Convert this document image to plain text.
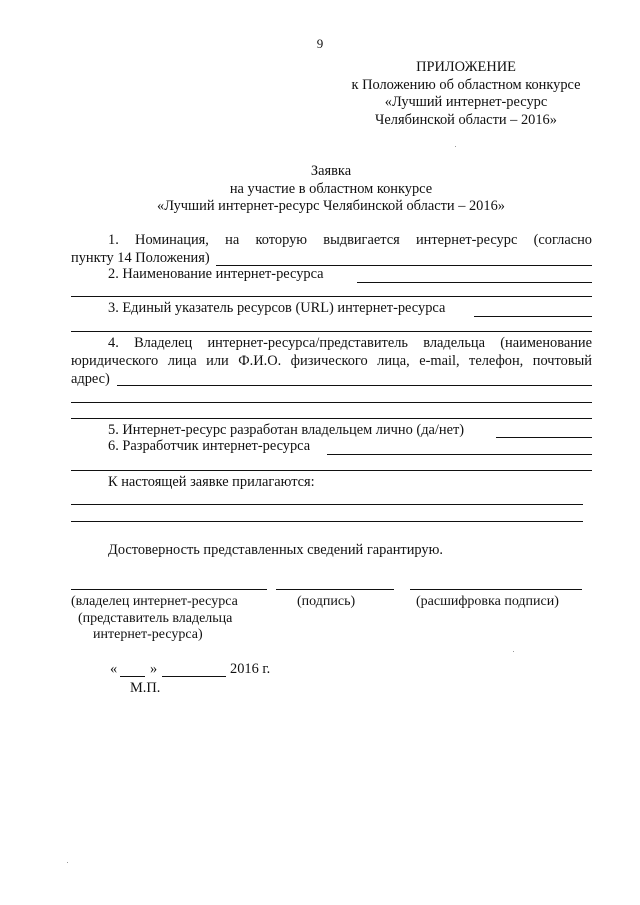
9
ПРИЛОЖЕНИЕ
к Положению об областном конкурсе
«Лучший интернет-ресурс
Челябинской области – 2016»
Заявка
на участие в областном конкурсе
«Лучший интернет-ресурс Челябинской области – 2016»
1. Номинация, на которую выдвигается интернет-ресурс (согласно
пункту 14 Положения)
2. Наименование интернет-ресурса
3. Единый указатель ресурсов (URL) интернет-ресурса
4. Владелец интернет-ресурса/представитель владельца (наименование
юридического лица или Ф.И.О. физического лица, e-mail, телефон, почтовый
адрес)
5. Интернет-ресурс разработан владельцем лично (да/нет)
6. Разработчик интернет-ресурса
К настоящей заявке прилагаются:
Достоверность представленных сведений гарантирую.
(владелец интернет-ресурса
(представитель владельца
интернет-ресурса)
(подпись)	(расшифровка подписи)
« »	2016 г.
М.П.
